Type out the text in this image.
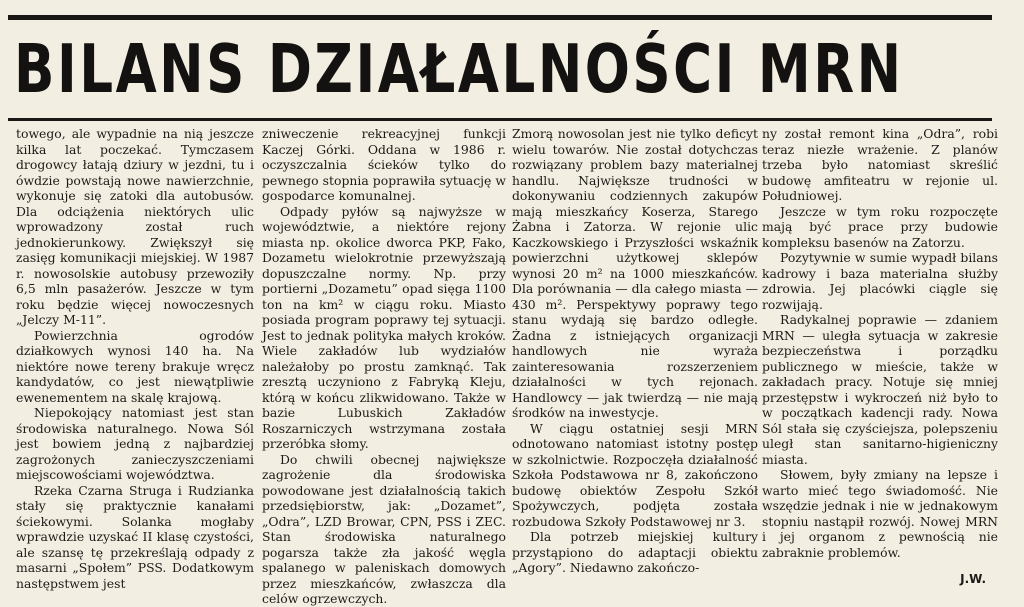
BILANS DZIAŁALNOŚCI MRN

towego, ale wypadnie na nią jeszcze kilka lat poczekać. Tymczasem drogowcy łatają dziury w jezdni, tu i ówdzie powstają nowe nawierzchnie, wykonuje się zatoki dla autobusów. Dla odciążenia niektórych ulic wprowadzony został ruch jednokierunkowy. Zwiększył się zasięg komunikacji miejskiej. W 1987 r. nowosolskie autobusy przewoziły 6,5 mln pasażerów. Jeszcze w tym roku będzie więcej nowoczesnych „Jelczy M-11”.

Powierzchnia ogrodów działkowych wynosi 140 ha. Na niektóre nowe tereny brakuje wręcz kandydatów, co jest niewątpliwie ewenementem na skalę krajową.

Niepokojący natomiast jest stan środowiska naturalnego. Nowa Sól jest bowiem jedną z najbardziej zagrożonych zanieczyszczeniami miejscowościami województwa.

Rzeka Czarna Struga i Rudzianka stały się praktycznie kanałami ściekowymi. Solanka mogłaby wprawdzie uzyskać II klasę czystości, ale szansę tę przekreślają odpady z masarni „Społem” PSS. Dodatkowym następstwem jest

zniweczenie rekreacyjnej funkcji Kaczej Górki. Oddana w 1986 r. oczyszczalnia ścieków tylko do pewnego stopnia poprawiła sytuację w gospodarce komunalnej.

Odpady pyłów są najwyższe w województwie, a niektóre rejony miasta np. okolice dworca PKP, Fako, Dozametu wielokrotnie przewyższają dopuszczalne normy. Np. przy portierni „Dozametu” opad sięga 1100 ton na km² w ciągu roku. Miasto posiada program poprawy tej sytuacji. Jest to jednak polityka małych kroków. Wiele zakładów lub wydziałów należałoby po prostu zamknąć. Tak zresztą uczyniono z Fabryką Kleju, którą w końcu zlikwidowano. Także w bazie Lubuskich Zakładów Roszarniczych wstrzymana została przeróbka słomy.

Do chwili obecnej największe zagrożenie dla środowiska powodowane jest działalnością takich przedsiębiorstw, jak: „Dozamet”, „Odra”, LZD Browar, CPN, PSS i ZEC. Stan środowiska naturalnego pogarsza także zła jakość węgla spalanego w paleniskach domowych przez mieszkańców, zwłaszcza dla celów ogrzewczych.

Zmorą nowosolan jest nie tylko deficyt wielu towarów. Nie został dotychczas rozwiązany problem bazy materialnej handlu. Największe trudności w dokonywaniu codziennych zakupów mają mieszkańcy Koserza, Starego Żabna i Zatorza. W rejonie ulic Kaczkowskiego i Przyszłości wskaźnik powierzchni użytkowej sklepów wynosi 20 m² na 1000 mieszkańców. Dla porównania — dla całego miasta — 430 m². Perspektywy poprawy tego stanu wydają się bardzo odległe. Żadna z istniejących organizacji handlowych nie wyraża zainteresowania rozszerzeniem działalności w tych rejonach. Handlowcy — jak twierdzą — nie mają środków na inwestycje.

W ciągu ostatniej sesji MRN odnotowano natomiast istotny postęp w szkolnictwie. Rozpoczęła działalność Szkoła Podstawowa nr 8, zakończono budowę obiektów Zespołu Szkół Spożywczych, podjęta została rozbudowa Szkoły Podstawowej nr 3.

Dla potrzeb miejskiej kultury przystąpiono do adaptacji obiektu „Agory”. Niedawno zakończo-

ny został remont kina „Odra”, robi teraz niezłe wrażenie. Z planów trzeba było natomiast skreślić budowę amfiteatru w rejonie ul. Południowej.

Jeszcze w tym roku rozpoczęte mają być prace przy budowie kompleksu basenów na Zatorzu.

Pozytywnie w sumie wypadł bilans kadrowy i baza materialna służby zdrowia. Jej placówki ciągle się rozwijają.

Radykalnej poprawie — zdaniem MRN — uległa sytuacja w zakresie bezpieczeństwa i porządku publicznego w mieście, także w zakładach pracy. Notuje się mniej przestępstw i wykroczeń niż było to w początkach kadencji rady. Nowa Sól stała się czyściejsza, polepszeniu uległ stan sanitarno-higieniczny miasta.

Słowem, były zmiany na lepsze i warto mieć tego świadomość. Nie wszędzie jednak i nie w jednakowym stopniu nastąpił rozwój. Nowej MRN i jej organom z pewnością nie zabraknie problemów.

J.W.
